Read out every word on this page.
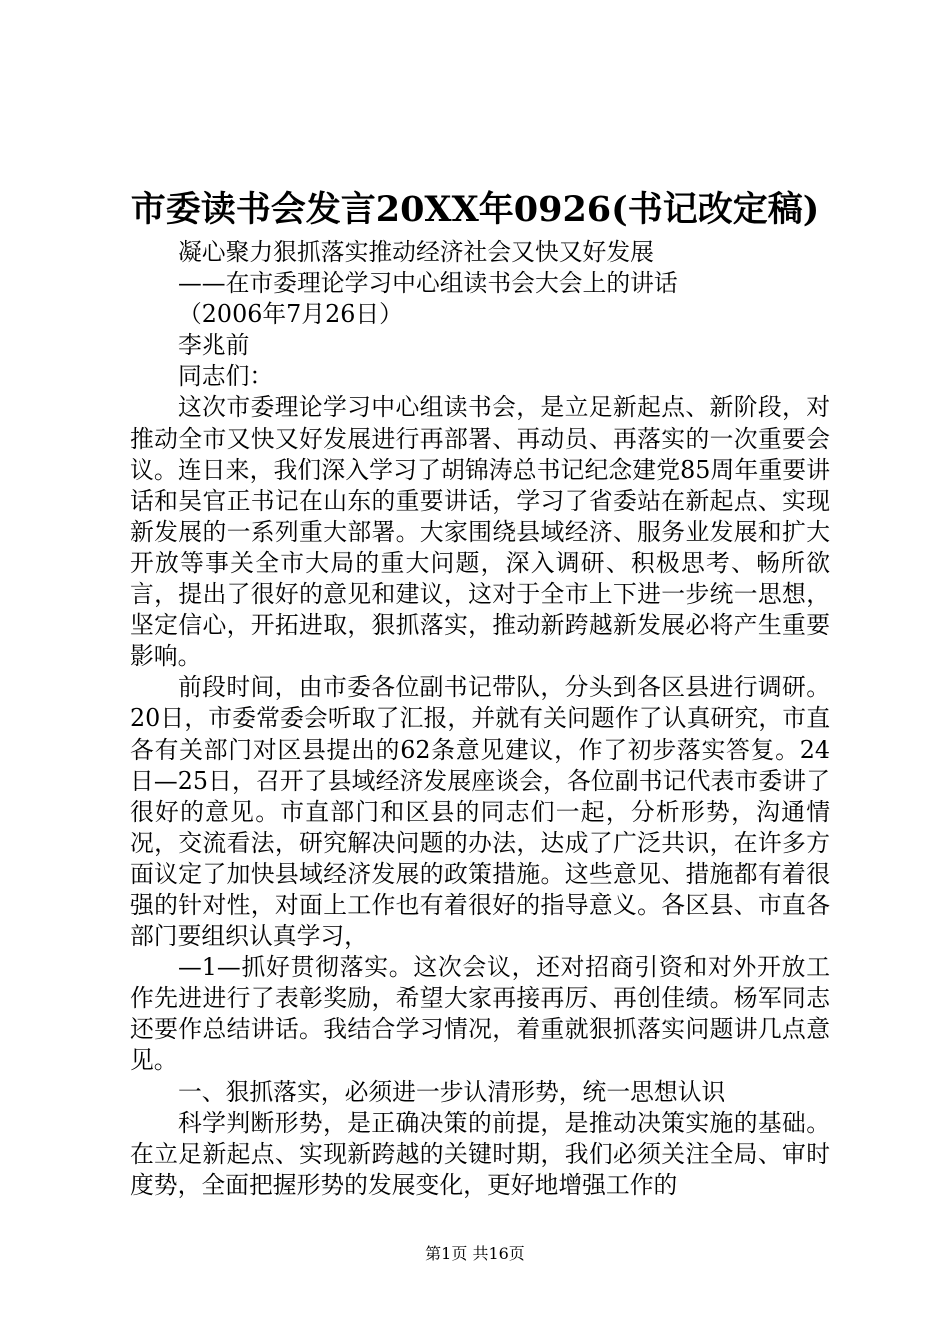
市委读书会发言20XX年0926(书记改定稿)

凝心聚力狠抓落实推动经济社会又快又好发展

——在市委理论学习中心组读书会大会上的讲话

（2006年7月26日）

李兆前

同志们：

这次市委理论学习中心组读书会，是立足新起点、新阶段，对推动全市又快又好发展进行再部署、再动员、再落实的一次重要会议。连日来，我们深入学习了胡锦涛总书记纪念建党85周年重要讲话和吴官正书记在山东的重要讲话，学习了省委站在新起点、实现新发展的一系列重大部署。大家围绕县域经济、服务业发展和扩大开放等事关全市大局的重大问题，深入调研、积极思考、畅所欲言，提出了很好的意见和建议，这对于全市上下进一步统一思想，坚定信心，开拓进取，狠抓落实，推动新跨越新发展必将产生重要影响。

前段时间，由市委各位副书记带队，分头到各区县进行调研。20日，市委常委会听取了汇报，并就有关问题作了认真研究，市直各有关部门对区县提出的62条意见建议，作了初步落实答复。24日—25日，召开了县域经济发展座谈会，各位副书记代表市委讲了很好的意见。市直部门和区县的同志们一起，分析形势，沟通情况，交流看法，研究解决问题的办法，达成了广泛共识，在许多方面议定了加快县域经济发展的政策措施。这些意见、措施都有着很强的针对性，对面上工作也有着很好的指导意义。各区县、市直各部门要组织认真学习，

—1—抓好贯彻落实。这次会议，还对招商引资和对外开放工作先进进行了表彰奖励，希望大家再接再厉、再创佳绩。杨军同志还要作总结讲话。我结合学习情况，着重就狠抓落实问题讲几点意见。

一、狠抓落实，必须进一步认清形势，统一思想认识

科学判断形势，是正确决策的前提，是推动决策实施的基础。在立足新起点、实现新跨越的关键时期，我们必须关注全局、审时度势，全面把握形势的发展变化，更好地增强工作的

第1页 共16页
